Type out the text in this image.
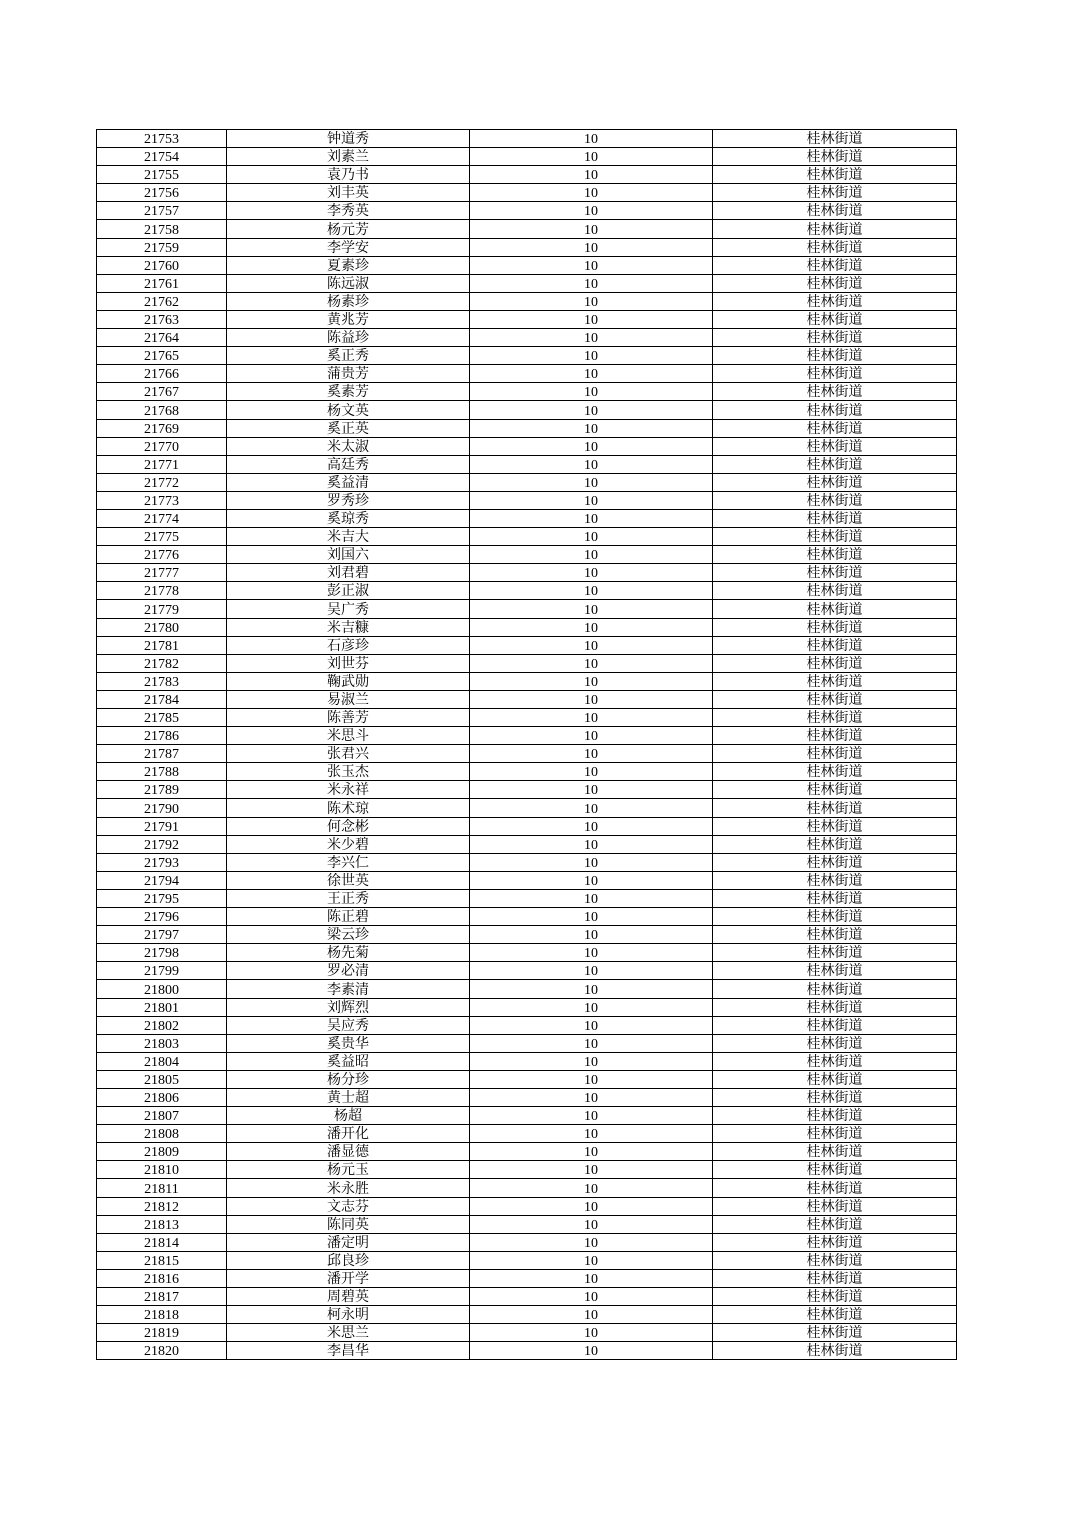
21753	钟道秀	10	桂林街道
21754	刘素兰	10	桂林街道
21755	袁乃书	10	桂林街道
21756	刘丰英	10	桂林街道
21757	李秀英	10	桂林街道
21758	杨元芳	10	桂林街道
21759	李学安	10	桂林街道
21760	夏素珍	10	桂林街道
21761	陈远淑	10	桂林街道
21762	杨素珍	10	桂林街道
21763	黄兆芳	10	桂林街道
21764	陈益珍	10	桂林街道
21765	奚正秀	10	桂林街道
21766	蒲贵芳	10	桂林街道
21767	奚素芳	10	桂林街道
21768	杨文英	10	桂林街道
21769	奚正英	10	桂林街道
21770	米太淑	10	桂林街道
21771	高廷秀	10	桂林街道
21772	奚益清	10	桂林街道
21773	罗秀珍	10	桂林街道
21774	奚琼秀	10	桂林街道
21775	米吉大	10	桂林街道
21776	刘国六	10	桂林街道
21777	刘君碧	10	桂林街道
21778	彭正淑	10	桂林街道
21779	吴广秀	10	桂林街道
21780	米吉糠	10	桂林街道
21781	石彦珍	10	桂林街道
21782	刘世芬	10	桂林街道
21783	鞠武勋	10	桂林街道
21784	易淑兰	10	桂林街道
21785	陈善芳	10	桂林街道
21786	米思斗	10	桂林街道
21787	张君兴	10	桂林街道
21788	张玉杰	10	桂林街道
21789	米永祥	10	桂林街道
21790	陈术琼	10	桂林街道
21791	何念彬	10	桂林街道
21792	米少碧	10	桂林街道
21793	李兴仁	10	桂林街道
21794	徐世英	10	桂林街道
21795	王正秀	10	桂林街道
21796	陈正碧	10	桂林街道
21797	梁云珍	10	桂林街道
21798	杨先菊	10	桂林街道
21799	罗必清	10	桂林街道
21800	李素清	10	桂林街道
21801	刘辉烈	10	桂林街道
21802	吴应秀	10	桂林街道
21803	奚贵华	10	桂林街道
21804	奚益昭	10	桂林街道
21805	杨分珍	10	桂林街道
21806	黄士超	10	桂林街道
21807	杨超	10	桂林街道
21808	潘开化	10	桂林街道
21809	潘显德	10	桂林街道
21810	杨元玉	10	桂林街道
21811	米永胜	10	桂林街道
21812	文志芬	10	桂林街道
21813	陈同英	10	桂林街道
21814	潘定明	10	桂林街道
21815	邱良珍	10	桂林街道
21816	潘开学	10	桂林街道
21817	周碧英	10	桂林街道
21818	柯永明	10	桂林街道
21819	米思兰	10	桂林街道
21820	李昌华	10	桂林街道
